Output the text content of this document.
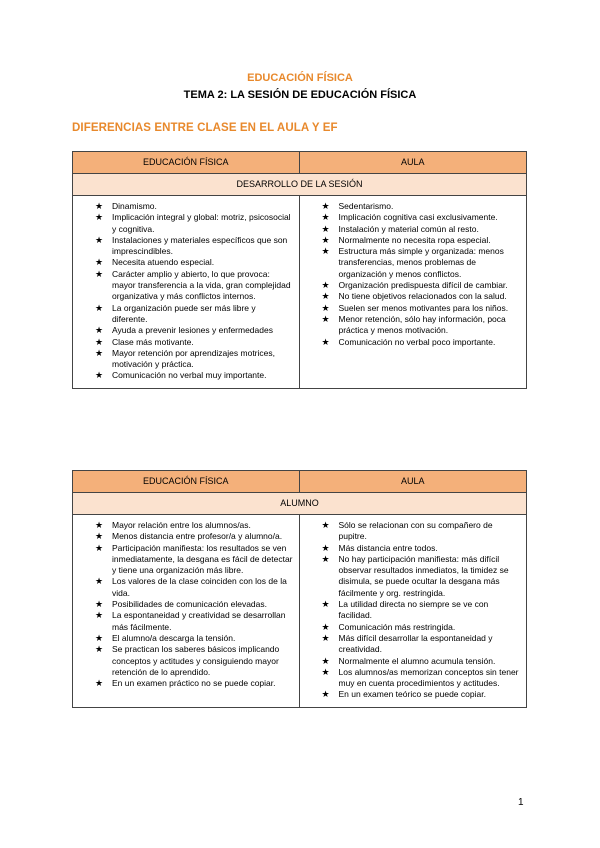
EDUCACIÓN FÍSICA
TEMA 2: LA SESIÓN DE EDUCACIÓN FÍSICA
DIFERENCIAS ENTRE CLASE EN EL AULA Y EF
EDUCACIÓN FÍSICA	AULA
DESARROLLO DE LA SESIÓN
★ Dinamismo.
★ Implicación integral y global: motriz, psicosocial y cognitiva.
★ Instalaciones y materiales específicos que son imprescindibles.
★ Necesita atuendo especial.
★ Carácter amplio y abierto, lo que provoca: mayor transferencia a la vida, gran complejidad organizativa y más conflictos internos.
★ La organización puede ser más libre y diferente.
★ Ayuda a prevenir lesiones y enfermedades
★ Clase más motivante.
★ Mayor retención por aprendizajes motrices, motivación y práctica.
★ Comunicación no verbal muy importante.
★ Sedentarismo.
★ Implicación cognitiva casi exclusivamente.
★ Instalación y material común al resto.
★ Normalmente no necesita ropa especial.
★ Estructura más simple y organizada: menos transferencias, menos problemas de organización y menos conflictos.
★ Organización predispuesta difícil de cambiar.
★ No tiene objetivos relacionados con la salud.
★ Suelen ser menos motivantes para los niños.
★ Menor retención, sólo hay información, poca práctica y menos motivación.
★ Comunicación no verbal poco importante.
EDUCACIÓN FÍSICA	AULA
ALUMNO
★ Mayor relación entre los alumnos/as.
★ Menos distancia entre profesor/a y alumno/a.
★ Participación manifiesta: los resultados se ven inmediatamente, la desgana es fácil de detectar y tiene una organización más libre.
★ Los valores de la clase coinciden con los de la vida.
★ Posibilidades de comunicación elevadas.
★ La espontaneidad y creatividad se desarrollan más fácilmente.
★ El alumno/a descarga la tensión.
★ Se practican los saberes básicos implicando conceptos y actitudes y consiguiendo mayor retención de lo aprendido.
★ En un examen práctico no se puede copiar.
★ Sólo se relacionan con su compañero de pupitre.
★ Más distancia entre todos.
★ No hay participación manifiesta: más difícil observar resultados inmediatos, la timidez se disimula, se puede ocultar la desgana más fácilmente y org. restringida.
★ La utilidad directa no siempre se ve con facilidad.
★ Comunicación más restringida.
★ Más difícil desarrollar la espontaneidad y creatividad.
★ Normalmente el alumno acumula tensión.
★ Los alumnos/as memorizan conceptos sin tener muy en cuenta procedimientos y actitudes.
★ En un examen teórico se puede copiar.
1
